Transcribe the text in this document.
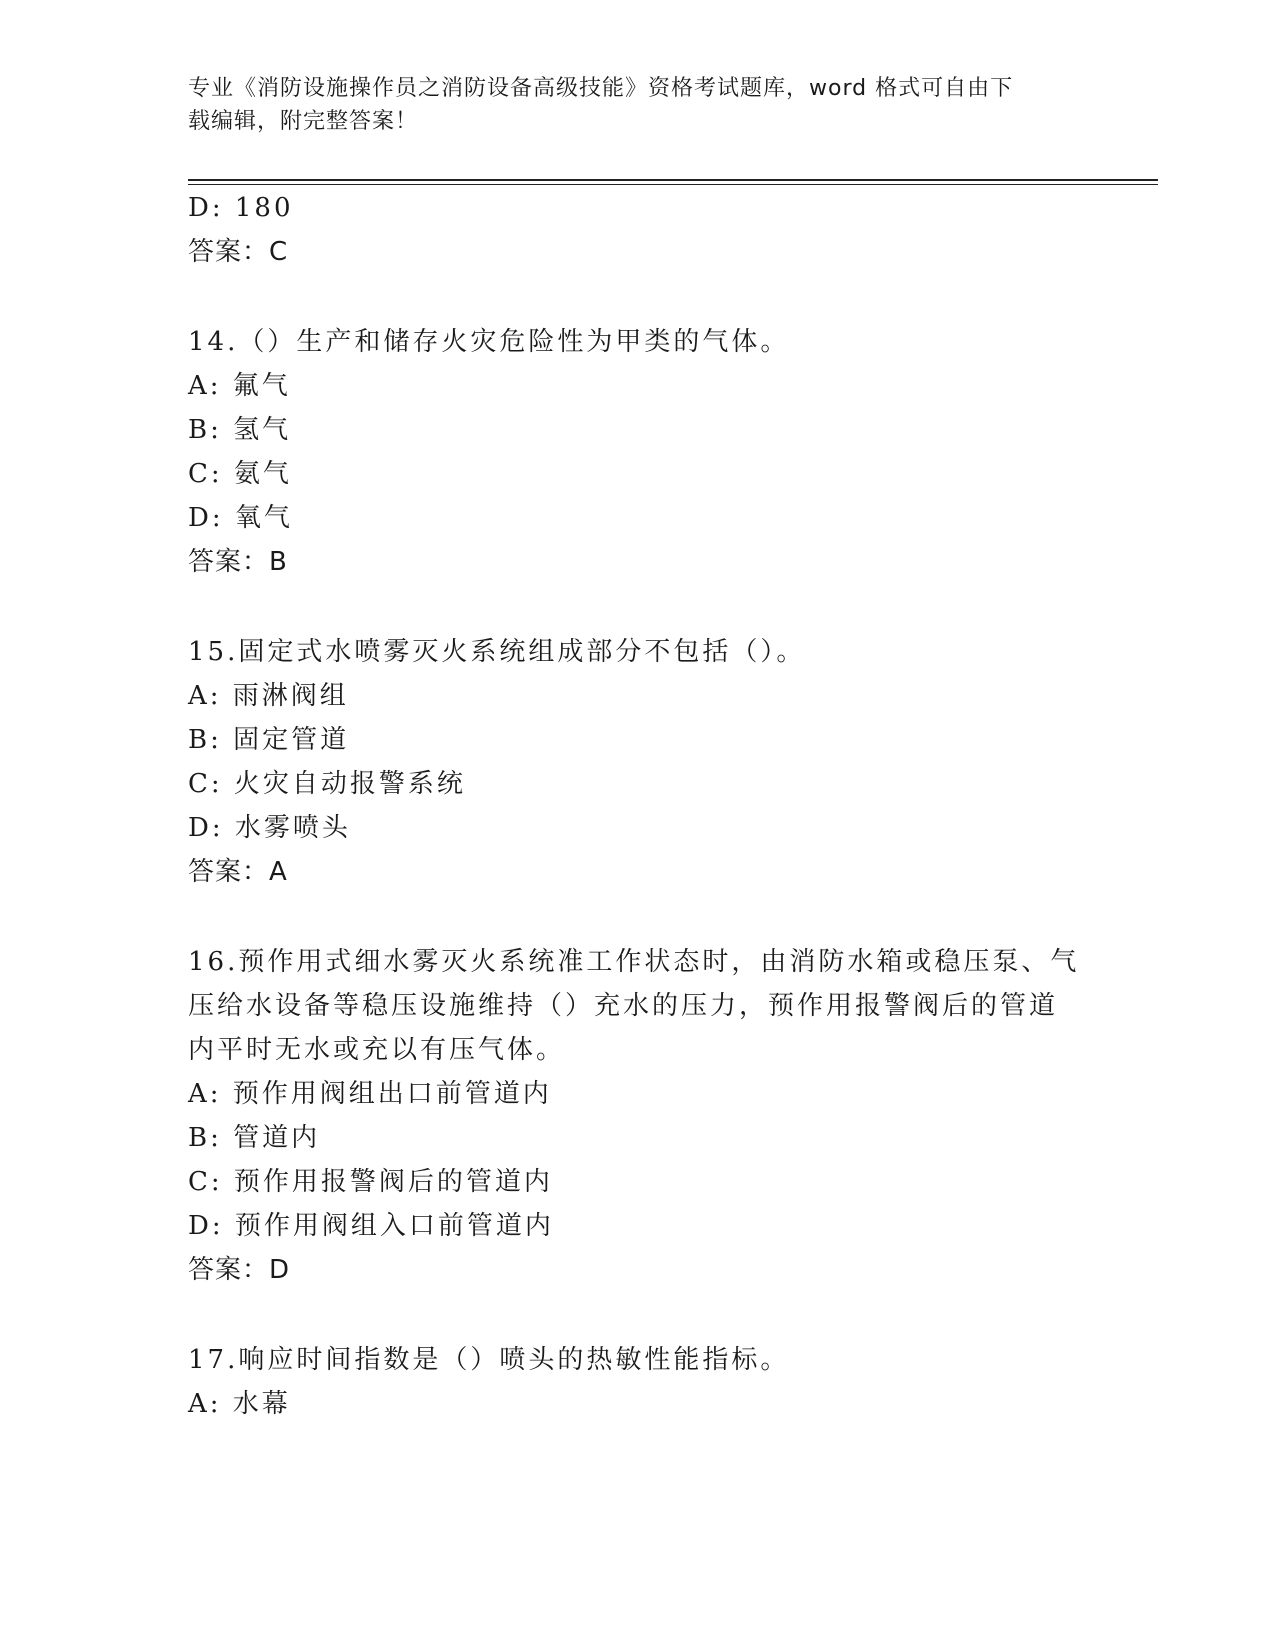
专业《消防设施操作员之消防设备高级技能》资格考试题库，word 格式可自由下
载编辑，附完整答案！
D: 180
答案：C
14.（）生产和储存火灾危险性为甲类的气体。
A: 氟气
B: 氢气
C: 氨气
D: 氧气
答案：B
15.固定式水喷雾灭火系统组成部分不包括（）。
A: 雨淋阀组
B: 固定管道
C: 火灾自动报警系统
D: 水雾喷头
答案：A
16.预作用式细水雾灭火系统准工作状态时，由消防水箱或稳压泵、气
压给水设备等稳压设施维持（）充水的压力，预作用报警阀后的管道
内平时无水或充以有压气体。
A: 预作用阀组出口前管道内
B: 管道内
C: 预作用报警阀后的管道内
D: 预作用阀组入口前管道内
答案：D
17.响应时间指数是（）喷头的热敏性能指标。
A: 水幕
